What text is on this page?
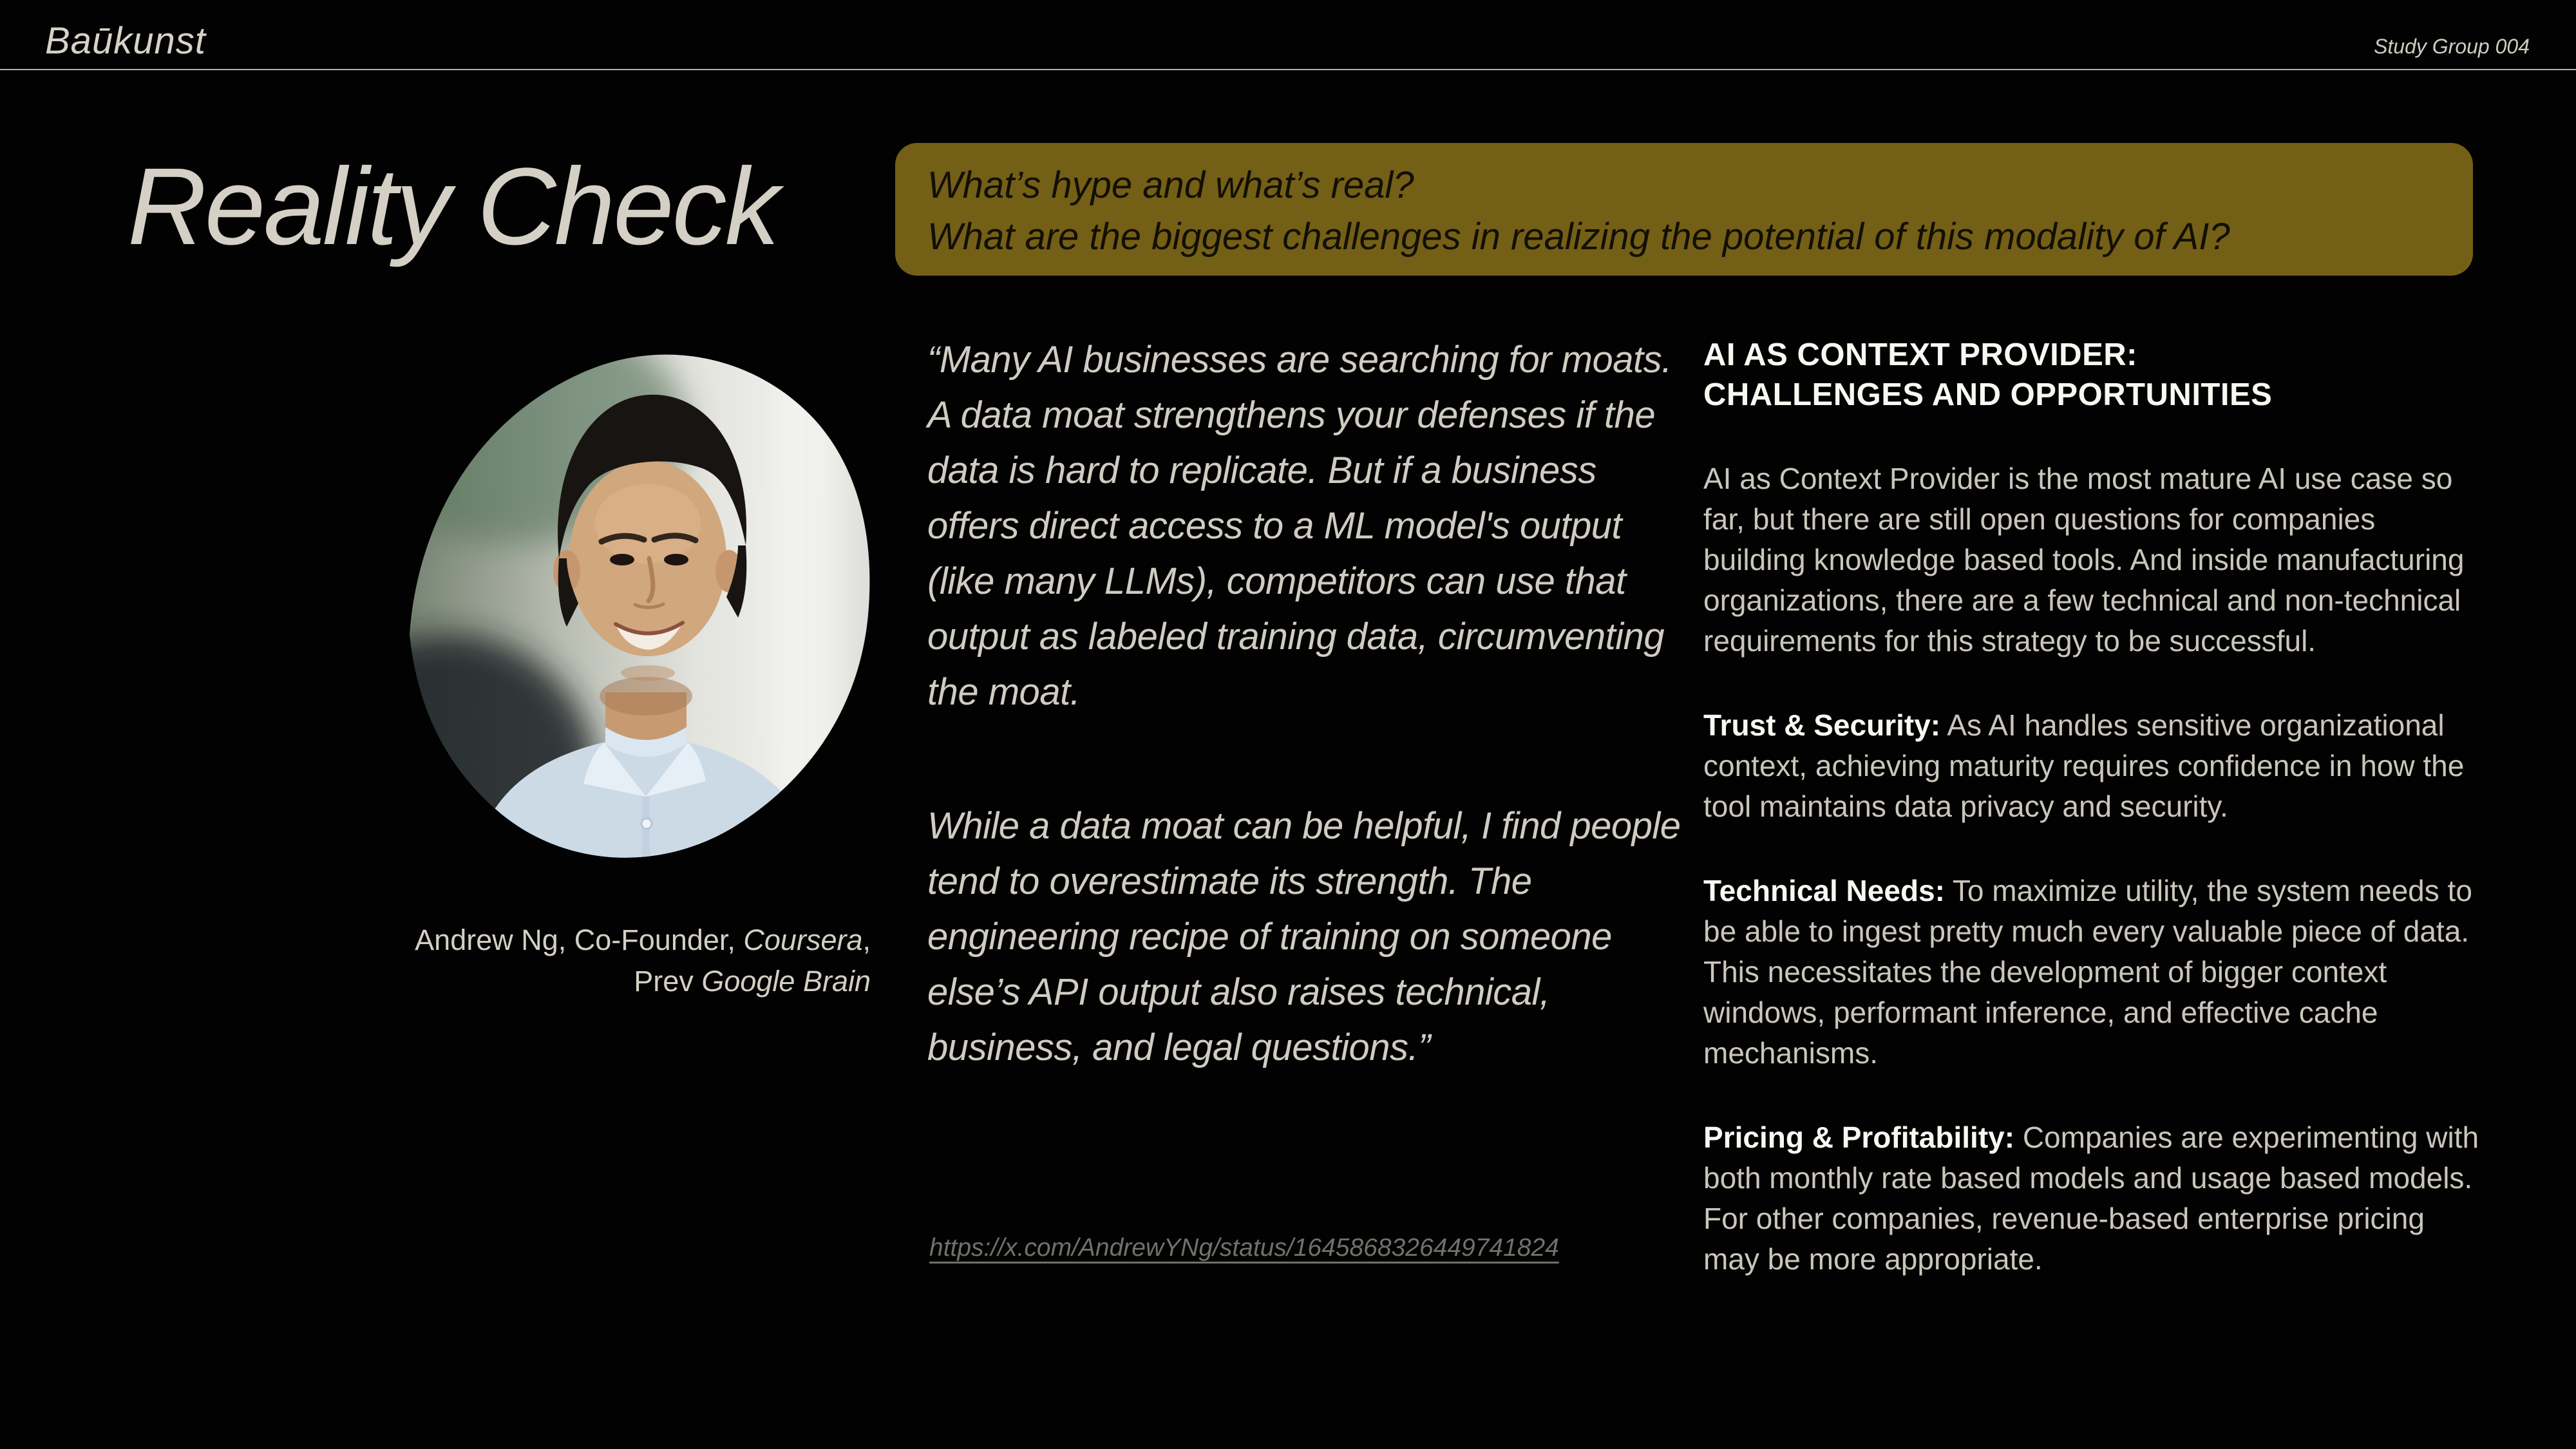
Baūkunst	Study Group 004
Reality Check	What’s hype and what’s real?
What are the biggest challenges in realizing the potential of this modality of AI?
Andrew Ng, Co-Founder, Coursera,
Prev Google Brain

“Many AI businesses are searching for moats. A data moat strengthens your defenses if the data is hard to replicate. But if a business offers direct access to a ML model's output (like many LLMs), competitors can use that output as labeled training data, circumventing the moat.

While a data moat can be helpful, I find people tend to overestimate its strength. The engineering recipe of training on someone else’s API output also raises technical, business, and legal questions.”

https://x.com/AndrewYNg/status/1645868326449741824
AI AS CONTEXT PROVIDER:
CHALLENGES AND OPPORTUNITIES

AI as Context Provider is the most mature AI use case so far, but there are still open questions for companies building knowledge based tools. And inside manufacturing organizations, there are a few technical and non-technical requirements for this strategy to be successful.

Trust & Security: As AI handles sensitive organizational context, achieving maturity requires confidence in how the tool maintains data privacy and security.

Technical Needs: To maximize utility, the system needs to be able to ingest pretty much every valuable piece of data. This necessitates the development of bigger context windows, performant inference, and effective cache mechanisms.

Pricing & Profitability: Companies are experimenting with both monthly rate based models and usage based models. For other companies, revenue-based enterprise pricing may be more appropriate.
